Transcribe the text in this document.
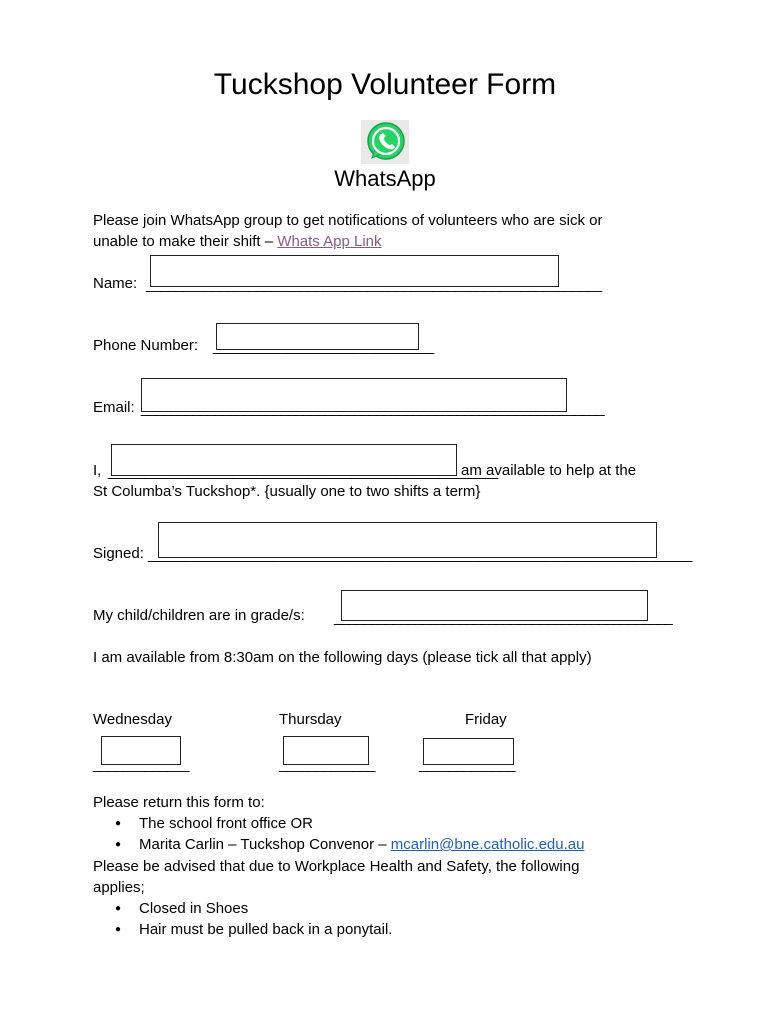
Tuckshop Volunteer Form
WhatsApp
Please join WhatsApp group to get notifications of volunteers who are sick or
unable to make their shift – Whats App Link
Name: ______________________________________________________________
Phone Number: ______________________________
Email: _______________________________________________________________
I, _____________________________________________________
am available to help at the
St Columba’s Tuckshop*. {usually one to two shifts a term}
Signed: __________________________________________________________________________
My child/children are in grade/s: ______________________________________________
I am available from 8:30am on the following days (please tick all that apply)
Wednesday	Thursday	Friday
_____________	_____________	_____________
Please return this form to:
● The school front office OR
● Marita Carlin – Tuckshop Convenor – mcarlin@bne.catholic.edu.au
Please be advised that due to Workplace Health and Safety, the following
applies;
● Closed in Shoes
● Hair must be pulled back in a ponytail.
